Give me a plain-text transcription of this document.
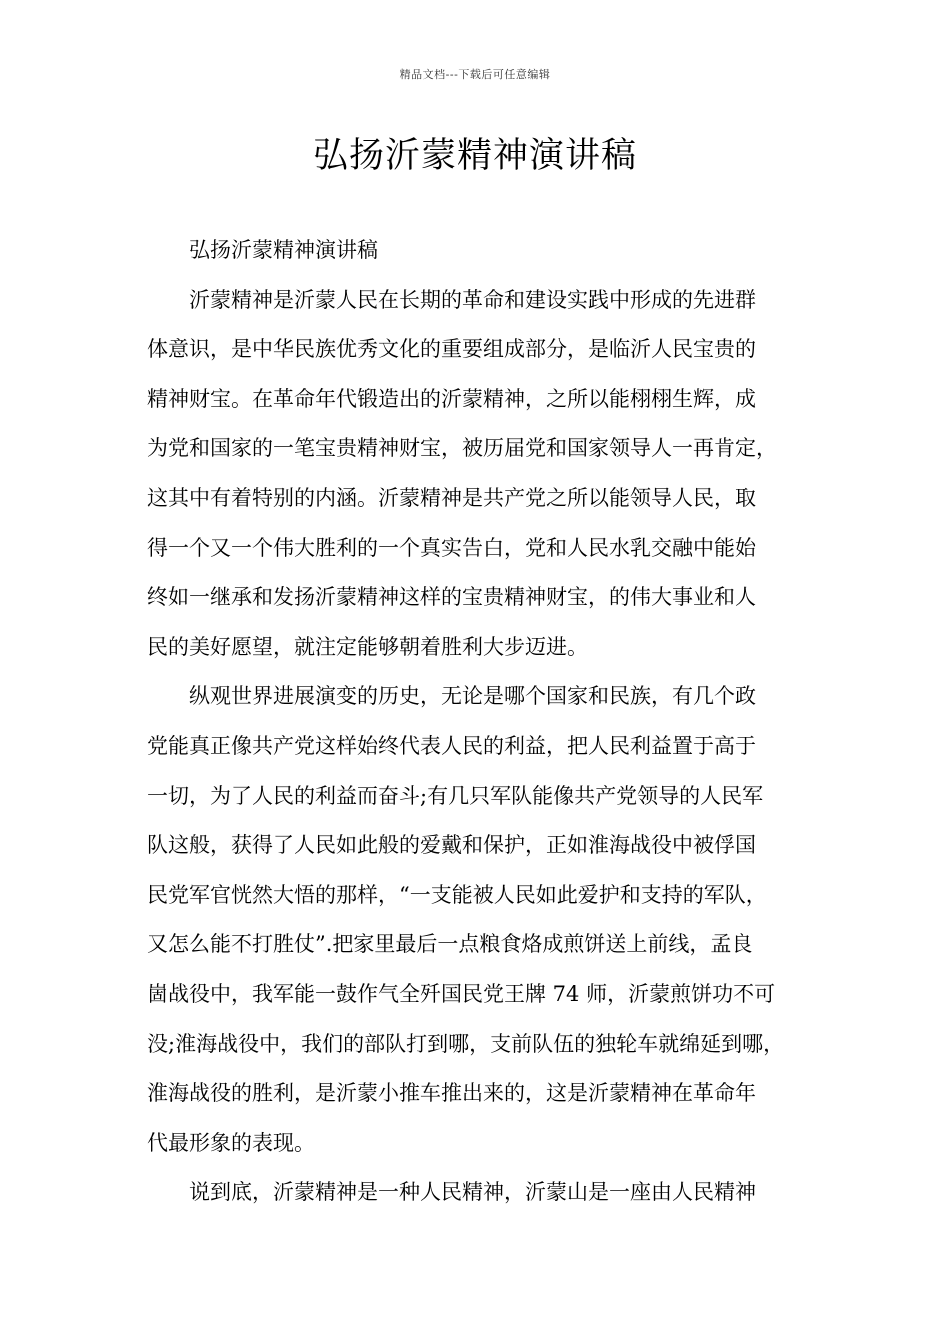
精品文档---下载后可任意编辑
弘扬沂蒙精神演讲稿
弘扬沂蒙精神演讲稿
沂蒙精神是沂蒙人民在长期的革命和建设实践中形成的先进群
体意识，是中华民族优秀文化的重要组成部分，是临沂人民宝贵的
精神财宝。在革命年代锻造出的沂蒙精神，之所以能栩栩生辉，成
为党和国家的一笔宝贵精神财宝，被历届党和国家领导人一再肯定，
这其中有着特别的内涵。沂蒙精神是共产党之所以能领导人民，取
得一个又一个伟大胜利的一个真实告白，党和人民水乳交融中能始
终如一继承和发扬沂蒙精神这样的宝贵精神财宝，的伟大事业和人
民的美好愿望，就注定能够朝着胜利大步迈进。
纵观世界进展演变的历史，无论是哪个国家和民族，有几个政
党能真正像共产党这样始终代表人民的利益，把人民利益置于高于
一切，为了人民的利益而奋斗;有几只军队能像共产党领导的人民军
队这般，获得了人民如此般的爱戴和保护，正如淮海战役中被俘国
民党军官恍然大悟的那样，“一支能被人民如此爱护和支持的军队，
又怎么能不打胜仗”.把家里最后一点粮食烙成煎饼送上前线，孟良
崮战役中，我军能一鼓作气全歼国民党王牌 74 师，沂蒙煎饼功不可
没;淮海战役中，我们的部队打到哪，支前队伍的独轮车就绵延到哪，
淮海战役的胜利，是沂蒙小推车推出来的，这是沂蒙精神在革命年
代最形象的表现。
说到底，沂蒙精神是一种人民精神，沂蒙山是一座由人民精神
